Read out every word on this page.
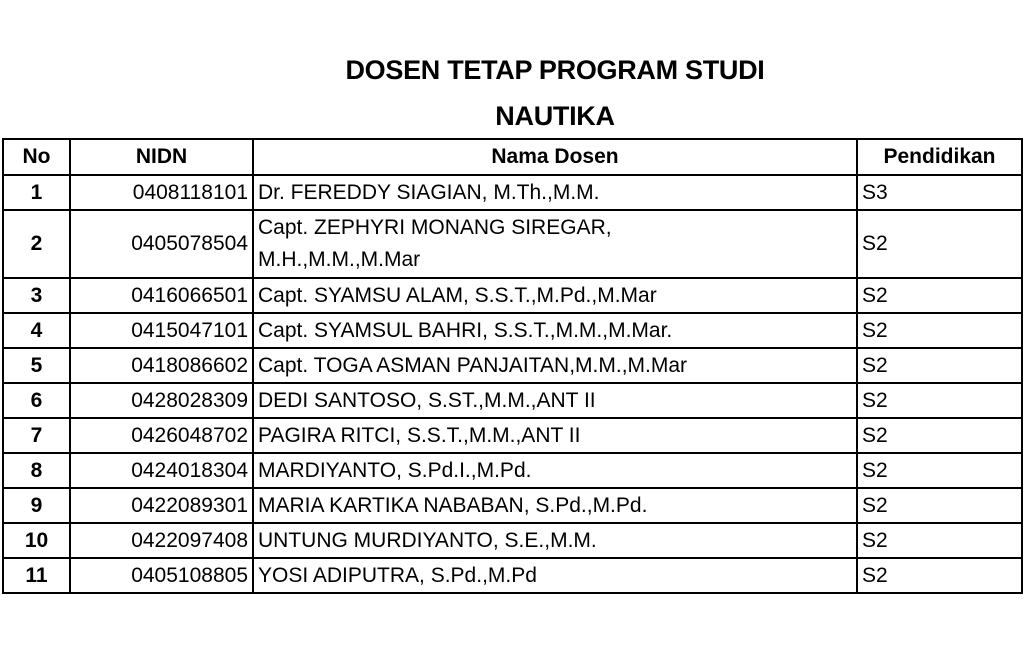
DOSEN TETAP PROGRAM STUDI
NAUTIKA
No	NIDN	Nama Dosen	Pendidikan
1	0408118101	Dr. FEREDDY SIAGIAN, M.Th.,M.M.	S3
2	0405078504	Capt. ZEPHYRI MONANG SIREGAR, M.H.,M.M.,M.Mar	S2
3	0416066501	Capt. SYAMSU ALAM, S.S.T.,M.Pd.,M.Mar	S2
4	0415047101	Capt. SYAMSUL BAHRI, S.S.T.,M.M.,M.Mar.	S2
5	0418086602	Capt. TOGA ASMAN PANJAITAN,M.M.,M.Mar	S2
6	0428028309	DEDI SANTOSO, S.ST.,M.M.,ANT II	S2
7	0426048702	PAGIRA RITCI, S.S.T.,M.M.,ANT II	S2
8	0424018304	MARDIYANTO, S.Pd.I.,M.Pd.	S2
9	0422089301	MARIA KARTIKA NABABAN, S.Pd.,M.Pd.	S2
10	0422097408	UNTUNG MURDIYANTO, S.E.,M.M.	S2
11	0405108805	YOSI ADIPUTRA, S.Pd.,M.Pd	S2
